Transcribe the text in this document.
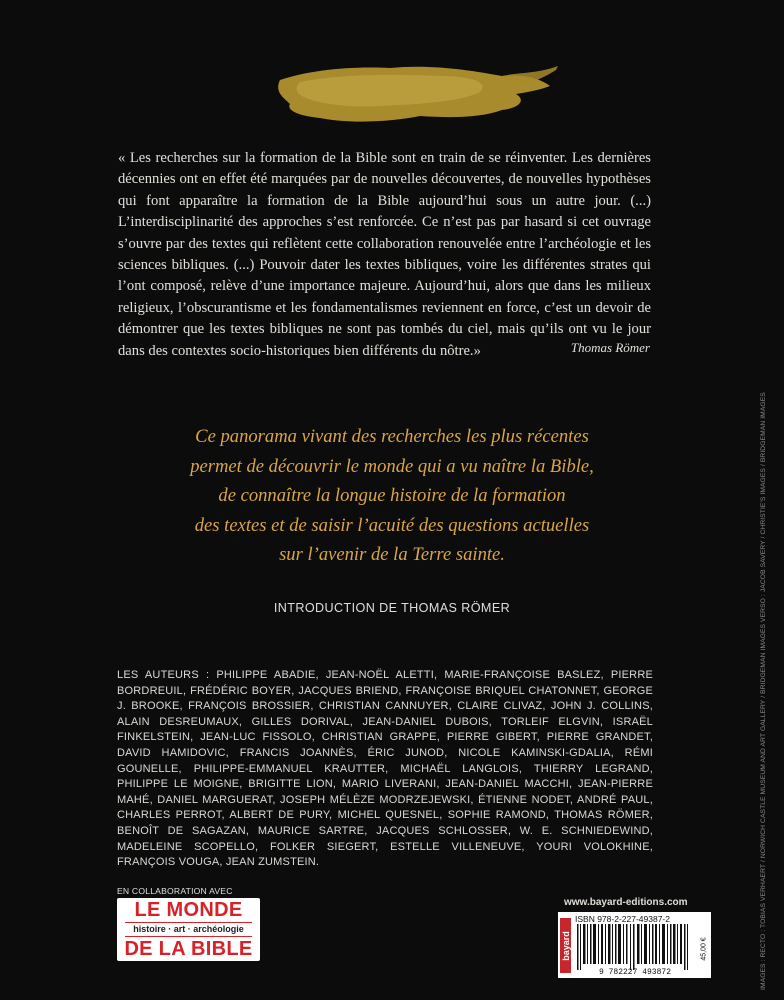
« Les recherches sur la formation de la Bible sont en train de se réinventer. Les dernières décennies ont en effet été marquées par de nouvelles découvertes, de nouvelles hypothèses qui font apparaître la formation de la Bible aujourd’hui sous un autre jour. (...) L’interdisciplinarité des approches s’est renforcée. Ce n’est pas par hasard si cet ouvrage s’ouvre par des textes qui reflètent cette collaboration renouvelée entre l’archéologie et les sciences bibliques. (...) Pouvoir dater les textes bibliques, voire les différentes strates qui l’ont composé, relève d’une importance majeure. Aujourd’hui, alors que dans les milieux religieux, l’obscurantisme et les fondamentalismes reviennent en force, c’est un devoir de démontrer que les textes bibliques ne sont pas tombés du ciel, mais qu’ils ont vu le jour dans des contextes socio-historiques bien différents du nôtre.»	Thomas Römer
Ce panorama vivant des recherches les plus récentes
permet de découvrir le monde qui a vu naître la Bible,
de connaître la longue histoire de la formation
des textes et de saisir l’acuité des questions actuelles
sur l’avenir de la Terre sainte.
INTRODUCTION DE THOMAS RÖMER

LES AUTEURS : PHILIPPE ABADIE, JEAN-NOËL ALETTI, MARIE-FRANÇOISE BASLEZ, PIERRE BORDREUIL, FRÉDÉRIC BOYER, JACQUES BRIEND, FRANÇOISE BRIQUEL CHATONNET, GEORGE J. BROOKE, FRANÇOIS BROSSIER, CHRISTIAN CANNUYER, CLAIRE CLIVAZ, JOHN J. COLLINS, ALAIN DESREUMAUX, GILLES DORIVAL, JEAN-DANIEL DUBOIS, TORLEIF ELGVIN, ISRAËL FINKELSTEIN, JEAN-LUC FISSOLO, CHRISTIAN GRAPPE, PIERRE GIBERT, PIERRE GRANDET, DAVID HAMIDOVIC, FRANCIS JOANNÈS, ÉRIC JUNOD, NICOLE KAMINSKI-GDALIA, RÉMI GOUNELLE, PHILIPPE-EMMANUEL KRAUTTER, MICHAËL LANGLOIS, THIERRY LEGRAND, PHILIPPE LE MOIGNE, BRIGITTE LION, MARIO LIVERANI, JEAN-DANIEL MACCHI, JEAN-PIERRE MAHÉ, DANIEL MARGUERAT, JOSEPH MÉLÈZE MODRZEJEWSKI, ÉTIENNE NODET, ANDRÉ PAUL, CHARLES PERROT, ALBERT DE PURY, MICHEL QUESNEL, SOPHIE RAMOND, THOMAS RÖMER, BENOÎT DE SAGAZAN, MAURICE SARTRE, JACQUES SCHLOSSER, W. E. SCHNIEDEWIND, MADELEINE SCOPELLO, FOLKER SIEGERT, ESTELLE VILLENEUVE, YOURI VOLOKHINE, FRANÇOIS VOUGA, JEAN ZUMSTEIN.

EN COLLABORATION AVEC
LE MONDE
histoire · art · archéologie
DE LA BIBLE
www.bayard-editions.com
bayard
ISBN 978-2-227-49387-2
9 782227 493872
45,00 €	IMAGES : RECTO : TOBIAS VERHAERT / NORWICH CASTLE MUSEUM AND ART GALLERY / BRIDGEMAN IMAGES VERSO : JACOB SAVERY / CHRISTIE'S IMAGES / BRIDGEMAN IMAGES
